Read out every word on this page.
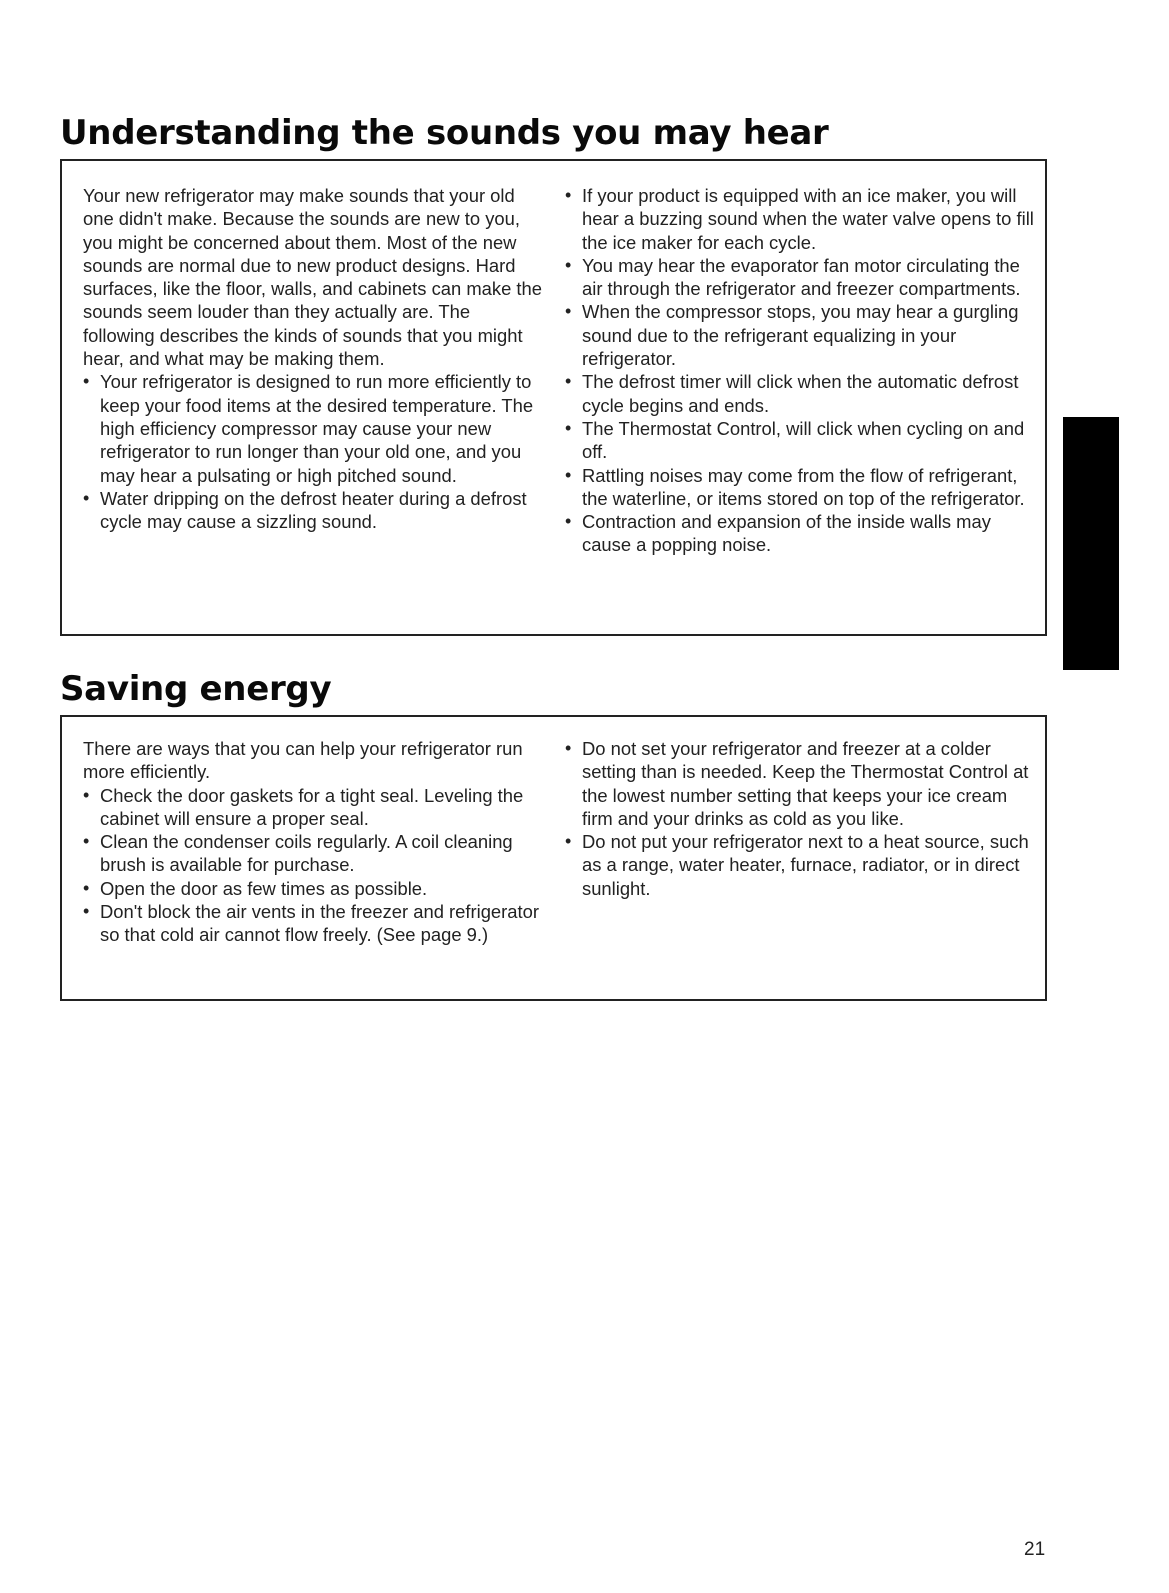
Understanding the sounds you may hear

Your new refrigerator may make sounds that your old one didn't make. Because the sounds are new to you, you might be concerned about them. Most of the new sounds are normal due to new product designs. Hard surfaces, like the floor, walls, and cabinets can make the sounds seem louder than they actually are. The following describes the kinds of sounds that you might hear, and what may be making them.

• Your refrigerator is designed to run more efficiently to keep your food items at the desired temperature. The high efficiency compressor may cause your new refrigerator to run longer than your old one, and you may hear a pulsating or high pitched sound.
• Water dripping on the defrost heater during a defrost cycle may cause a sizzling sound.
• If your product is equipped with an ice maker, you will hear a buzzing sound when the water valve opens to fill the ice maker for each cycle.
• You may hear the evaporator fan motor circulating the air through the refrigerator and freezer compartments.
• When the compressor stops, you may hear a gurgling sound due to the refrigerant equalizing in your refrigerator.
• The defrost timer will click when the automatic defrost cycle begins and ends.
• The Thermostat Control, will click when cycling on and off.
• Rattling noises may come from the flow of refrigerant, the waterline, or items stored on top of the refrigerator.
• Contraction and expansion of the inside walls may cause a popping noise.
Saving energy

There are ways that you can help your refrigerator run more efficiently.

• Check the door gaskets for a tight seal. Leveling the cabinet will ensure a proper seal.
• Clean the condenser coils regularly. A coil cleaning brush is available for purchase.
• Open the door as few times as possible.
• Don't block the air vents in the freezer and refrigerator so that cold air cannot flow freely. (See page 9.)
• Do not set your refrigerator and freezer at a colder setting than is needed. Keep the Thermostat Control at the lowest number setting that keeps your ice cream firm and your drinks as cold as you like.
• Do not put your refrigerator next to a heat source, such as a range, water heater, furnace, radiator, or in direct sunlight.
21
